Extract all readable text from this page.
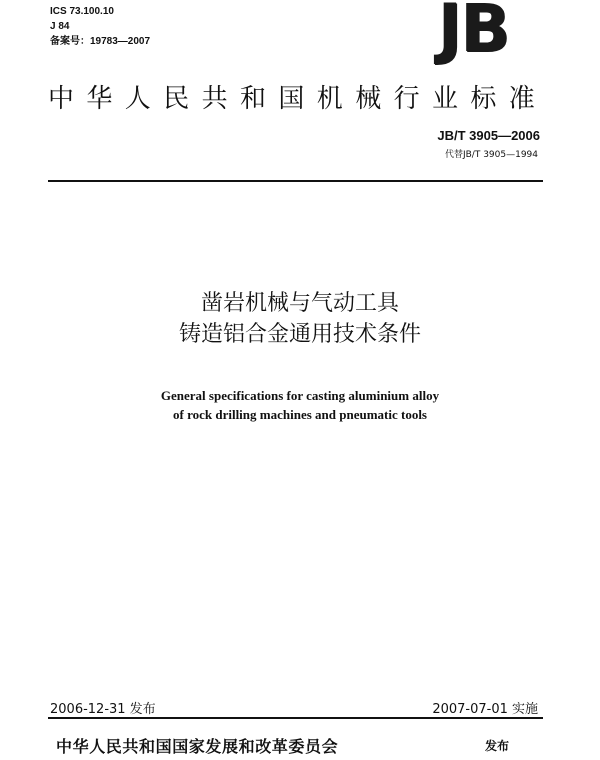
ICS 73.100.10
J 84
备案号：19783—2007	JB
中华人民共和国机械行业标准
JB/T 3905—2006
代替JB/T 3905—1994
凿岩机械与气动工具
铸造铝合金通用技术条件
General specifications for casting aluminium alloy
of rock drilling machines and pneumatic tools
2006-12-31 发布	2007-07-01 实施
中华人民共和国国家发展和改革委员会	发布
